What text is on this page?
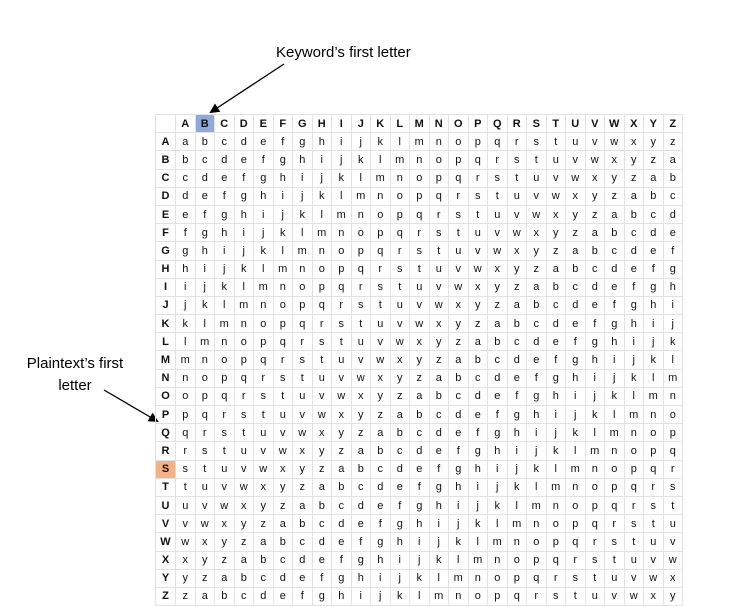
Keyword’s first letter
Plaintext’s first letter
	A	B	C	D	E	F	G	H	I	J	K	L	M	N	O	P	Q	R	S	T	U	V	W	X	Y	Z
A	a	b	c	d	e	f	g	h	i	j	k	l	m	n	o	p	q	r	s	t	u	v	w	x	y	z
B	b	c	d	e	f	g	h	i	j	k	l	m	n	o	p	q	r	s	t	u	v	w	x	y	z	a
C	c	d	e	f	g	h	i	j	k	l	m	n	o	p	q	r	s	t	u	v	w	x	y	z	a	b
D	d	e	f	g	h	i	j	k	l	m	n	o	p	q	r	s	t	u	v	w	x	y	z	a	b	c
E	e	f	g	h	i	j	k	l	m	n	o	p	q	r	s	t	u	v	w	x	y	z	a	b	c	d
F	f	g	h	i	j	k	l	m	n	o	p	q	r	s	t	u	v	w	x	y	z	a	b	c	d	e
G	g	h	i	j	k	l	m	n	o	p	q	r	s	t	u	v	w	x	y	z	a	b	c	d	e	f
H	h	i	j	k	l	m	n	o	p	q	r	s	t	u	v	w	x	y	z	a	b	c	d	e	f	g
I	i	j	k	l	m	n	o	p	q	r	s	t	u	v	w	x	y	z	a	b	c	d	e	f	g	h
J	j	k	l	m	n	o	p	q	r	s	t	u	v	w	x	y	z	a	b	c	d	e	f	g	h	i
K	k	l	m	n	o	p	q	r	s	t	u	v	w	x	y	z	a	b	c	d	e	f	g	h	i	j
L	l	m	n	o	p	q	r	s	t	u	v	w	x	y	z	a	b	c	d	e	f	g	h	i	j	k
M	m	n	o	p	q	r	s	t	u	v	w	x	y	z	a	b	c	d	e	f	g	h	i	j	k	l
N	n	o	p	q	r	s	t	u	v	w	x	y	z	a	b	c	d	e	f	g	h	i	j	k	l	m
O	o	p	q	r	s	t	u	v	w	x	y	z	a	b	c	d	e	f	g	h	i	j	k	l	m	n
P	p	q	r	s	t	u	v	w	x	y	z	a	b	c	d	e	f	g	h	i	j	k	l	m	n	o
Q	q	r	s	t	u	v	w	x	y	z	a	b	c	d	e	f	g	h	i	j	k	l	m	n	o	p
R	r	s	t	u	v	w	x	y	z	a	b	c	d	e	f	g	h	i	j	k	l	m	n	o	p	q
S	s	t	u	v	w	x	y	z	a	b	c	d	e	f	g	h	i	j	k	l	m	n	o	p	q	r
T	t	u	v	w	x	y	z	a	b	c	d	e	f	g	h	i	j	k	l	m	n	o	p	q	r	s
U	u	v	w	x	y	z	a	b	c	d	e	f	g	h	i	j	k	l	m	n	o	p	q	r	s	t
V	v	w	x	y	z	a	b	c	d	e	f	g	h	i	j	k	l	m	n	o	p	q	r	s	t	u
W	w	x	y	z	a	b	c	d	e	f	g	h	i	j	k	l	m	n	o	p	q	r	s	t	u	v
X	x	y	z	a	b	c	d	e	f	g	h	i	j	k	l	m	n	o	p	q	r	s	t	u	v	w
Y	y	z	a	b	c	d	e	f	g	h	i	j	k	l	m	n	o	p	q	r	s	t	u	v	w	x
Z	z	a	b	c	d	e	f	g	h	i	j	k	l	m	n	o	p	q	r	s	t	u	v	w	x	y
